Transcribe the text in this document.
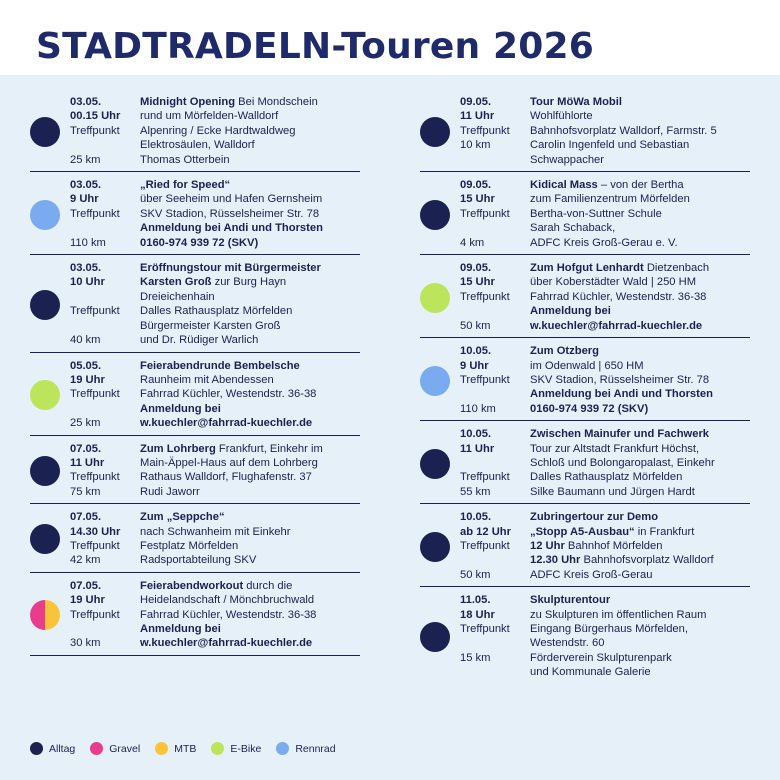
STADTRADELN-Touren 2026
03.05.	Midnight Opening Bei Mondschein
00.15 Uhr	rund um Mörfelden-Walldorf
Treffpunkt	Alpenring / Ecke Hardtwaldweg
Elektrosäulen, Walldorf
25 km	Thomas Otterbein
03.05.	„Ried for Speed“
9 Uhr	über Seeheim und Hafen Gernsheim
Treffpunkt	SKV Stadion, Rüsselsheimer Str. 78
Anmeldung bei Andi und Thorsten
110 km	0160-974 939 72 (SKV)
03.05.	Eröffnungstour mit Bürgermeister
10 Uhr	Karsten Groß zur Burg Hayn
Dreieichenhain
Treffpunkt	Dalles Rathausplatz Mörfelden
Bürgermeister Karsten Groß
40 km	und Dr. Rüdiger Warlich
05.05.	Feierabendrunde Bembelsche
19 Uhr	Raunheim mit Abendessen
Treffpunkt	Fahrrad Küchler, Westendstr. 36-38
Anmeldung bei
25 km	w.kuechler@fahrrad-kuechler.de
07.05.	Zum Lohrberg Frankfurt, Einkehr im
11 Uhr	Main-Äppel-Haus auf dem Lohrberg
Treffpunkt	Rathaus Walldorf, Flughafenstr. 37
75 km	Rudi Jaworr
07.05.	Zum „Seppche“
14.30 Uhr	nach Schwanheim mit Einkehr
Treffpunkt	Festplatz Mörfelden
42 km	Radsportabteilung SKV
07.05.	Feierabendworkout durch die
19 Uhr	Heidelandschaft / Mönchbruchwald
Treffpunkt	Fahrrad Küchler, Westendstr. 36-38
Anmeldung bei
30 km	w.kuechler@fahrrad-kuechler.de
09.05.	Tour MöWa Mobil
11 Uhr	Wohlfühlorte
Treffpunkt	Bahnhofsvorplatz Walldorf, Farmstr. 5
10 km	Carolin Ingenfeld und Sebastian
Schwappacher
09.05.	Kidical Mass – von der Bertha
15 Uhr	zum Familienzentrum Mörfelden
Treffpunkt	Bertha-von-Suttner Schule
Sarah Schaback,
4 km	ADFC Kreis Groß-Gerau e. V.
09.05.	Zum Hofgut Lenhardt Dietzenbach
15 Uhr	über Koberstädter Wald | 250 HM
Treffpunkt	Fahrrad Küchler, Westendstr. 36-38
Anmeldung bei
50 km	w.kuechler@fahrrad-kuechler.de
10.05.	Zum Otzberg
9 Uhr	im Odenwald | 650 HM
Treffpunkt	SKV Stadion, Rüsselsheimer Str. 78
Anmeldung bei Andi und Thorsten
110 km	0160-974 939 72 (SKV)
10.05.	Zwischen Mainufer und Fachwerk
11 Uhr	Tour zur Altstadt Frankfurt Höchst,
Schloß und Bolongaropalast, Einkehr
Treffpunkt	Dalles Rathausplatz Mörfelden
55 km	Silke Baumann und Jürgen Hardt
10.05.	Zubringertour zur Demo
ab 12 Uhr	„Stopp A5-Ausbau“ in Frankfurt
Treffpunkt	12 Uhr Bahnhof Mörfelden
12.30 Uhr Bahnhofsvorplatz Walldorf
50 km	ADFC Kreis Groß-Gerau
11.05.	Skulpturentour
18 Uhr	zu Skulpturen im öffentlichen Raum
Treffpunkt	Eingang Bürgerhaus Mörfelden,
Westendstr. 60
15 km	Förderverein Skulpturenpark
und Kommunale Galerie
Alltag	Gravel	MTB	E-Bike	Rennrad
